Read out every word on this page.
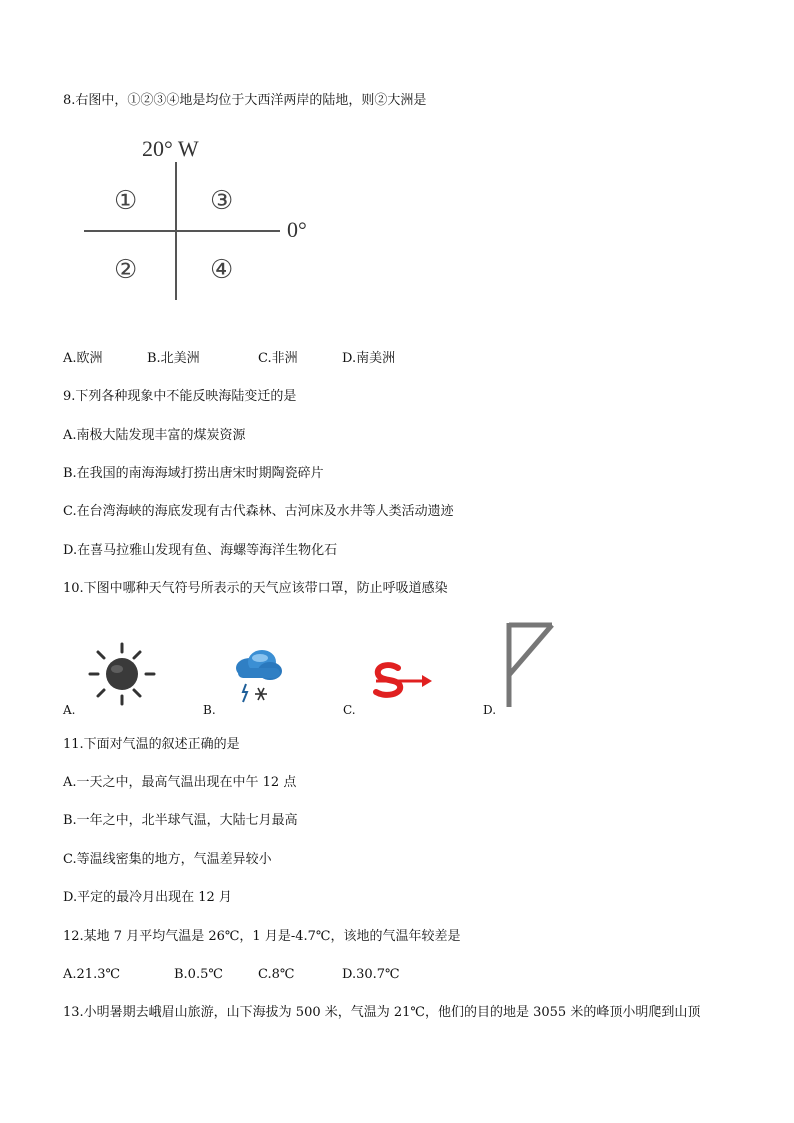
8.右图中，①②③④地是均位于大西洋两岸的陆地，则②大洲是
20° W
0°
①	③
②	④
A.欧洲	B.北美洲	C.非洲	D.南美洲
9.下列各种现象中不能反映海陆变迁的是
A.南极大陆发现丰富的煤炭资源
B.在我国的南海海域打捞出唐宋时期陶瓷碎片
C.在台湾海峡的海底发现有古代森林、古河床及水井等人类活动遗迹
D.在喜马拉雅山发现有鱼、海螺等海洋生物化石
10.下图中哪种天气符号所表示的天气应该带口罩，防止呼吸道感染
A.	B.	C.	D.
11.下面对气温的叙述正确的是
A.一天之中，最高气温出现在中午 12 点
B.一年之中，北半球气温，大陆七月最高
C.等温线密集的地方，气温差异较小
D.平定的最冷月出现在 12 月
12.某地 7 月平均气温是 26℃，1 月是-4.7℃，该地的气温年较差是
A.21.3℃	B.0.5℃	C.8℃	D.30.7℃
13.小明暑期去峨眉山旅游，山下海拔为 500 米，气温为 21℃，他们的目的地是 3055 米的峰顶小明爬到山顶
